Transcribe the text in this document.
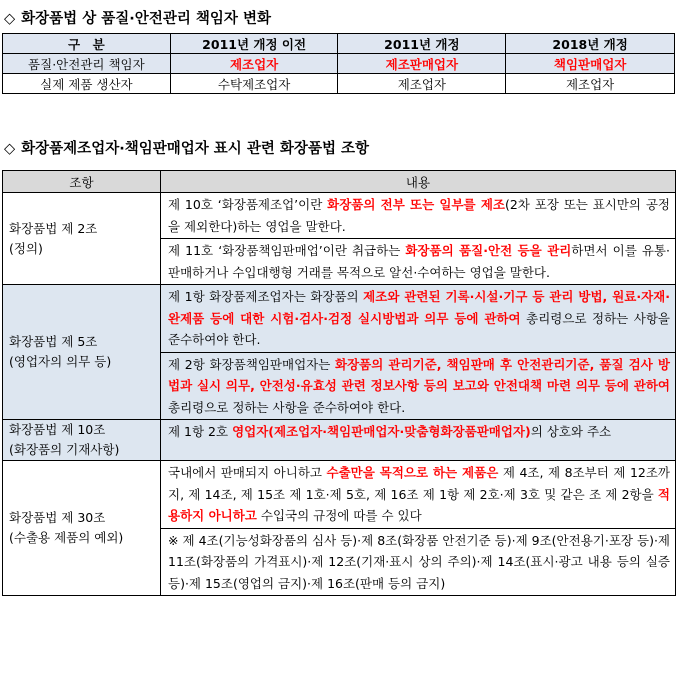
◇ 화장품법 상 품질·안전관리 책임자 변화
구　분	2011년 개정 이전	2011년 개정	2018년 개정
품질·안전관리 책임자	제조업자	제조판매업자	책임판매업자
실제 제품 생산자	수탁제조업자	제조업자	제조업자
◇ 화장품제조업자·책임판매업자 표시 관련 화장품법 조항
조항	내용
화장품법 제 2조
(정의)	제 10호 ‘화장품제조업’이란 화장품의 전부 또는 일부를 제조(2차 포장 또는 표시만의 공정을 제외한다)하는 영업을 말한다.
	제 11호 ‘화장품책임판매업’이란 취급하는 화장품의 품질·안전 등을 관리하면서 이를 유통·판매하거나 수입대행형 거래를 목적으로 알선·수여하는 영업을 말한다.
화장품법 제 5조
(영업자의 의무 등)	제 1항 화장품제조업자는 화장품의 제조와 관련된 기록·시설·기구 등 관리 방법, 원료·자재·완제품 등에 대한 시험·검사·검정 실시방법과 의무 등에 관하여 총리령으로 정하는 사항을 준수하여야 한다.
	제 2항 화장품책임판매업자는 화장품의 관리기준, 책임판매 후 안전관리기준, 품질 검사 방법과 실시 의무, 안전성·유효성 관련 정보사항 등의 보고와 안전대책 마련 의무 등에 관하여 총리령으로 정하는 사항을 준수하여야 한다.
화장품법 제 10조
(화장품의 기재사항)	제 1항 2호 영업자(제조업자·책임판매업자·맞춤형화장품판매업자)의 상호와 주소
화장품법 제 30조
(수출용 제품의 예외)	국내에서 판매되지 아니하고 수출만을 목적으로 하는 제품은 제 4조, 제 8조부터 제 12조까지, 제 14조, 제 15조 제 1호·제 5호, 제 16조 제 1항 제 2호·제 3호 및 같은 조 제 2항을 적용하지 아니하고 수입국의 규정에 따를 수 있다
	※ 제 4조(기능성화장품의 심사 등)·제 8조(화장품 안전기준 등)·제 9조(안전용기·포장 등)·제 11조(화장품의 가격표시)·제 12조(기재·표시 상의 주의)·제 14조(표시·광고 내용 등의 실증 등)·제 15조(영업의 금지)·제 16조(판매 등의 금지)
